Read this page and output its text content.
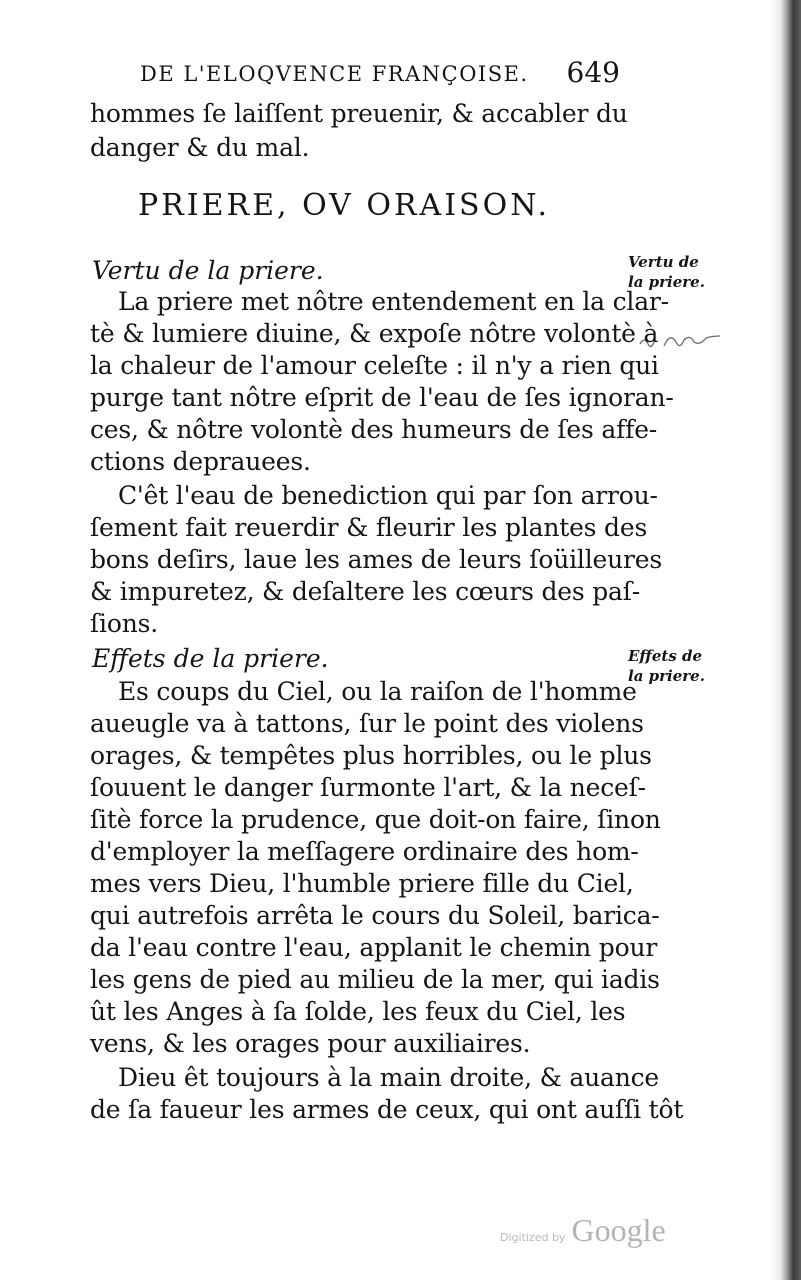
DE L'ELOQVENCE FRANÇOISE. 649
hommes ſe laiſſent preuenir, & accabler du
danger & du mal.
PRIERE, OV ORAISON.
Vertu de la priere.	Vertu de
la priere.
La priere met nôtre entendement en la clar-
tè & lumiere diuine, & expoſe nôtre volontè à
la chaleur de l'amour celeſte : il n'y a rien qui
purge tant nôtre eſprit de l'eau de ſes ignoran-
ces, & nôtre volontè des humeurs de ſes affe-
ctions deprauees.
C'êt l'eau de benediction qui par ſon arrou-
ſement fait reuerdir & fleurir les plantes des
bons deſirs, laue les ames de leurs ſoüilleures
& impuretez, & deſaltere les cœurs des paſ-
ſions.
Effets de la priere.	Effets de
la priere.
Es coups du Ciel, ou la raiſon de l'homme
aueugle va à tattons, ſur le point des violens
orages, & tempêtes plus horribles, ou le plus
ſouuent le danger ſurmonte l'art, & la neceſ-
ſitè force la prudence, que doit-on faire, ſinon
d'employer la meſſagere ordinaire des hom-
mes vers Dieu, l'humble priere fille du Ciel,
qui autrefois arrêta le cours du Soleil, barica-
da l'eau contre l'eau, applanit le chemin pour
les gens de pied au milieu de la mer, qui iadis
ût les Anges à ſa ſolde, les feux du Ciel, les
vens, & les orages pour auxiliaires.
Dieu êt toujours à la main droite, & auance
de ſa faueur les armes de ceux, qui ont auſſi tôt
Digitized by Google
